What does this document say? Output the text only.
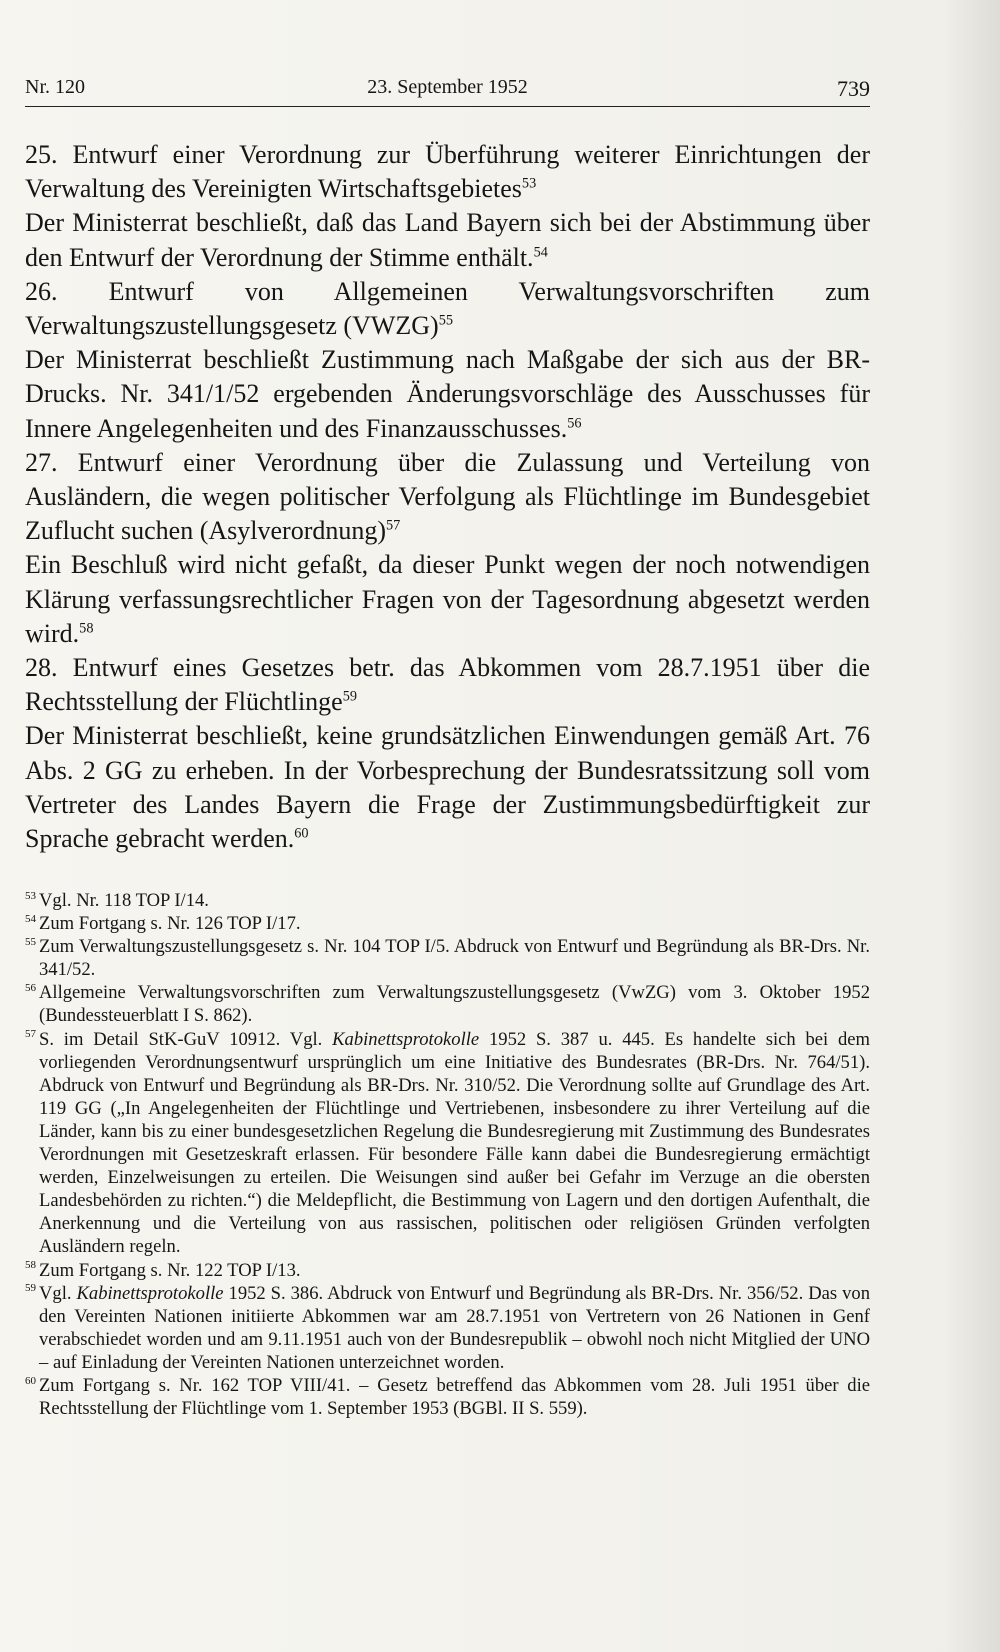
Nr. 120	23. September 1952	739

25. Entwurf einer Verordnung zur Überführung weiterer Einrichtungen der Verwaltung des Vereinigten Wirtschaftsgebietes$^{53}$

Der Ministerrat beschließt, daß das Land Bayern sich bei der Abstimmung über den Entwurf der Verordnung der Stimme enthält.$^{54}$

26. Entwurf von Allgemeinen Verwaltungsvorschriften zum Verwaltungszustellungsgesetz (VWZG)$^{55}$

Der Ministerrat beschließt Zustimmung nach Maßgabe der sich aus der BR-Drucks. Nr. 341/1/52 ergebenden Änderungsvorschläge des Ausschusses für Innere Angelegenheiten und des Finanzausschusses.$^{56}$

27. Entwurf einer Verordnung über die Zulassung und Verteilung von Ausländern, die wegen politischer Verfolgung als Flüchtlinge im Bundesgebiet Zuflucht suchen (Asylverordnung)$^{57}$

Ein Beschluß wird nicht gefaßt, da dieser Punkt wegen der noch notwendigen Klärung verfassungsrechtlicher Fragen von der Tagesordnung abgesetzt werden wird.$^{58}$

28. Entwurf eines Gesetzes betr. das Abkommen vom 28.7.1951 über die Rechtsstellung der Flüchtlinge$^{59}$

Der Ministerrat beschließt, keine grundsätzlichen Einwendungen gemäß Art. 76 Abs. 2 GG zu erheben. In der Vorbesprechung der Bundesratssitzung soll vom Vertreter des Landes Bayern die Frage der Zustimmungsbedürftigkeit zur Sprache gebracht werden.$^{60}$

53 Vgl. Nr. 118 TOP I/14.

54 Zum Fortgang s. Nr. 126 TOP I/17.

55 Zum Verwaltungszustellungsgesetz s. Nr. 104 TOP I/5. Abdruck von Entwurf und Begründung als BR-Drs. Nr. 341/52.

56 Allgemeine Verwaltungsvorschriften zum Verwaltungszustellungsgesetz (VwZG) vom 3. Oktober 1952 (Bundessteuerblatt I S. 862).

57 S. im Detail StK-GuV 10912. Vgl. Kabinettsprotokolle 1952 S. 387 u. 445. Es handelte sich bei dem vorliegenden Verordnungsentwurf ursprünglich um eine Initiative des Bundesrates (BR-Drs. Nr. 764/51). Abdruck von Entwurf und Begründung als BR-Drs. Nr. 310/52. Die Verordnung sollte auf Grundlage des Art. 119 GG („In Angelegenheiten der Flüchtlinge und Vertriebenen, insbesondere zu ihrer Verteilung auf die Länder, kann bis zu einer bundesgesetzlichen Regelung die Bundesregierung mit Zustimmung des Bundesrates Verordnungen mit Gesetzeskraft erlassen. Für besondere Fälle kann dabei die Bundesregierung ermächtigt werden, Einzelweisungen zu erteilen. Die Weisungen sind außer bei Gefahr im Verzuge an die obersten Landesbehörden zu richten.“) die Meldepflicht, die Bestimmung von Lagern und den dortigen Aufenthalt, die Anerkennung und die Verteilung von aus rassischen, politischen oder religiösen Gründen verfolgten Ausländern regeln.

58 Zum Fortgang s. Nr. 122 TOP I/13.

59 Vgl. Kabinettsprotokolle 1952 S. 386. Abdruck von Entwurf und Begründung als BR-Drs. Nr. 356/52. Das von den Vereinten Nationen initiierte Abkommen war am 28.7.1951 von Vertretern von 26 Nationen in Genf verabschiedet worden und am 9.11.1951 auch von der Bundesrepublik – obwohl noch nicht Mitglied der UNO – auf Einladung der Vereinten Nationen unterzeichnet worden.

60 Zum Fortgang s. Nr. 162 TOP VIII/41. – Gesetz betreffend das Abkommen vom 28. Juli 1951 über die Rechtsstellung der Flüchtlinge vom 1. September 1953 (BGBl. II S. 559).
